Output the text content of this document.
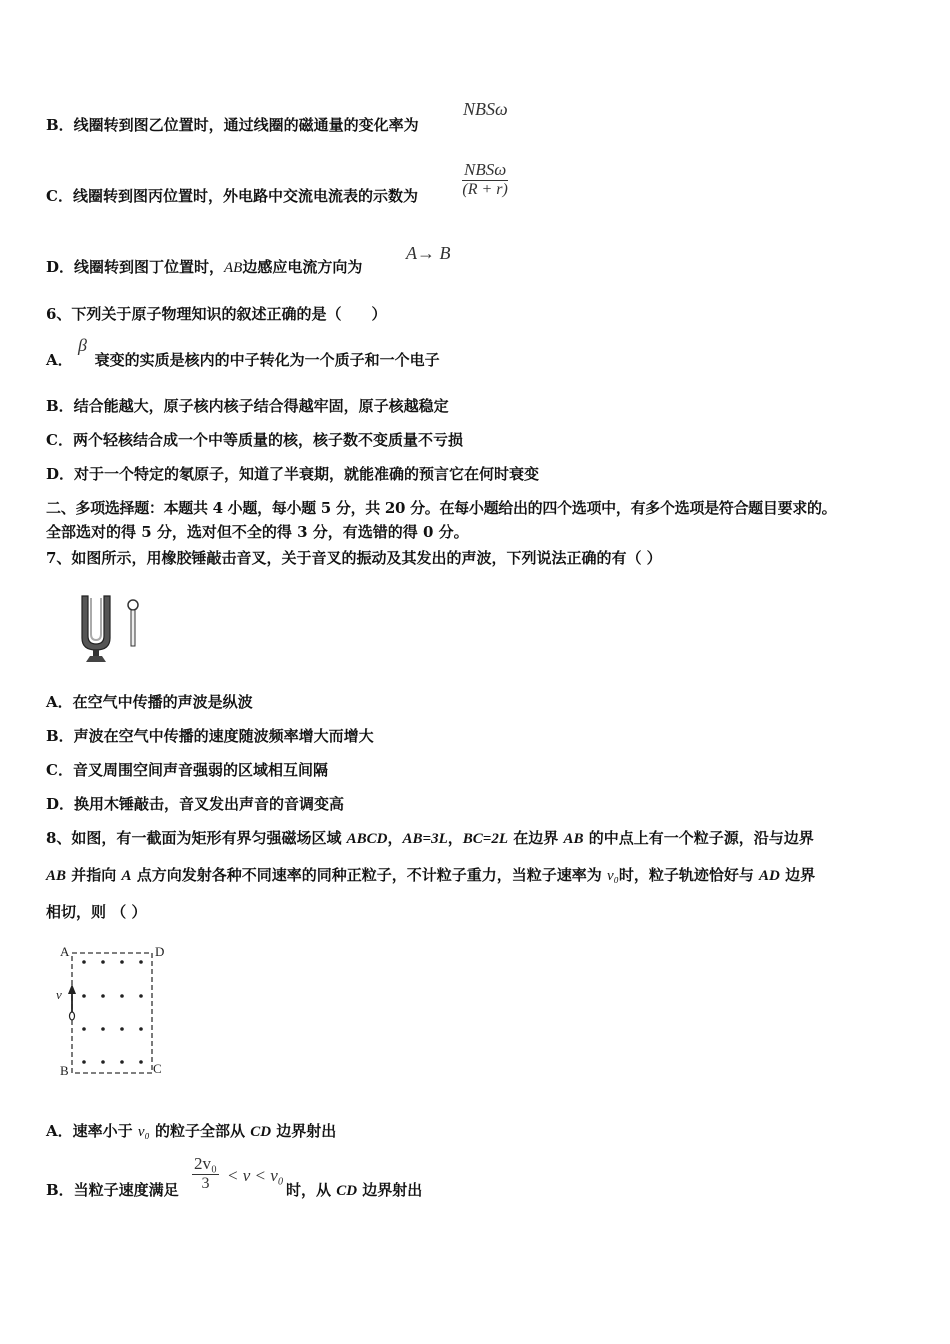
B．线圈转到图乙位置时，通过线圈的磁通量的变化率为
NBSω
C．线圈转到图丙位置时，外电路中交流电流表的示数为
NBSω
(R + r)
D．线圈转到图丁位置时，AB边感应电流方向为
A→ B
6、下列关于原子物理知识的叙述正确的是（　　）
A． 衰变的实质是核内的中子转化为一个质子和一个电子
β
B．结合能越大，原子核内核子结合得越牢固，原子核越稳定
C．两个轻核结合成一个中等质量的核，核子数不变质量不亏损
D．对于一个特定的氡原子，知道了半衰期，就能准确的预言它在何时衰变
二、多项选择题：本题共 4 小题，每小题 5 分，共 20 分。在每小题给出的四个选项中，有多个选项是符合题目要求的。
全部选对的得 5 分，选对但不全的得 3 分，有选错的得 0 分。
7、如图所示，用橡胶锤敲击音叉，关于音叉的振动及其发出的声波，下列说法正确的有（ ）
A．在空气中传播的声波是纵波
B．声波在空气中传播的速度随波频率增大而增大
C．音叉周围空间声音强弱的区域相互间隔
D．换用木锤敲击，音叉发出声音的音调变高
8、如图，有一截面为矩形有界匀强磁场区域 ABCD，AB=3L，BC=2L 在边界 AB 的中点上有一个粒子源，沿与边界
AB 并指向 A 点方向发射各种不同速率的同种正粒子，不计粒子重力，当粒子速率为 v₀时，粒子轨迹恰好与 AD 边界
相切，则 （ ）
A	D
B	C
v
A．速率小于 v₀ 的粒子全部从 CD 边界射出
B．当粒子速度满足 $\frac{\text{2v₀}}{3} < v < v_0$
时，从 CD 边界射出
